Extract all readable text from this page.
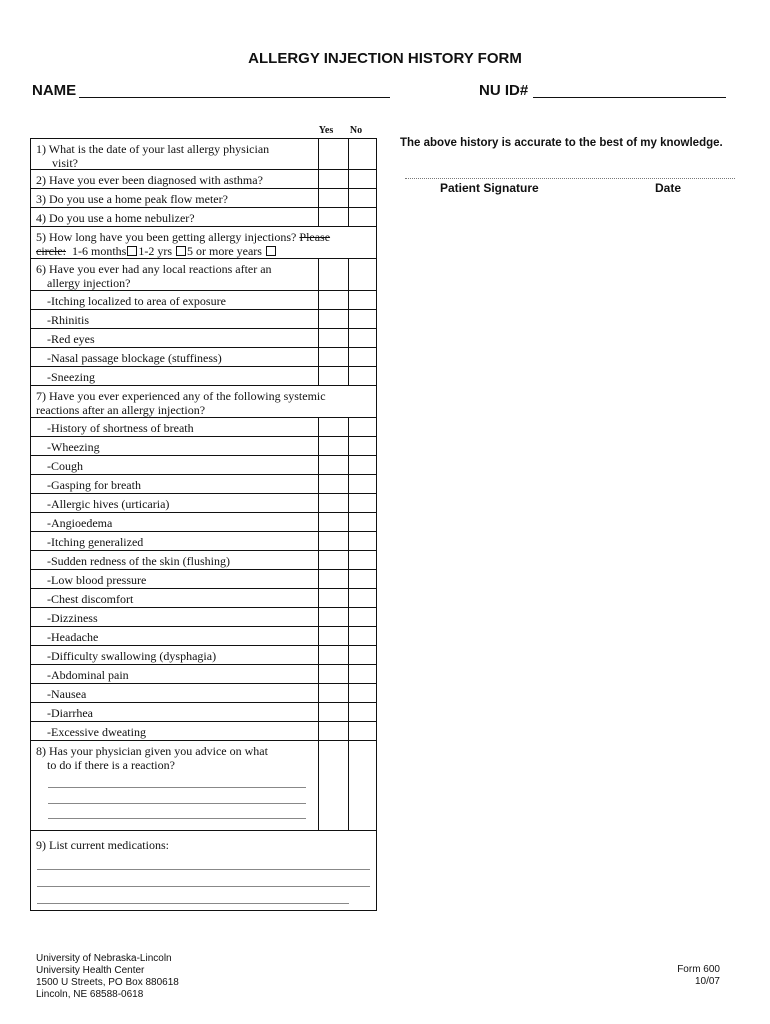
ALLERGY INJECTION HISTORY FORM
NAME	NU ID#
Yes	No
1) What is the date of your last allergy physician
visit?
2) Have you ever been diagnosed with asthma?
3) Do you use a home peak flow meter?
4) Do you use a home nebulizer?
5) How long have you been getting allergy injections? Please
circle: 1-6 months 1-2 yrs 5 or more years
6) Have you ever had any local reactions after an
allergy injection?
-Itching localized to area of exposure
-Rhinitis
-Red eyes
-Nasal passage blockage (stuffiness)
-Sneezing
7) Have you ever experienced any of the following systemic
reactions after an allergy injection?
-History of shortness of breath
-Wheezing
-Cough
-Gasping for breath
-Allergic hives (urticaria)
-Angioedema
-Itching generalized
-Sudden redness of the skin (flushing)
-Low blood pressure
-Chest discomfort
-Dizziness
-Headache
-Difficulty swallowing (dysphagia)
-Abdominal pain
-Nausea
-Diarrhea
-Excessive dweating
8) Has your physician given you advice on what
to do if there is a reaction?
9) List current medications:
The above history is accurate to the best of my knowledge.
Patient Signature	Date
University of Nebraska-Lincoln
University Health Center
1500 U Streets, PO Box 880618
Lincoln, NE 68588-0618
Form 600
10/07
